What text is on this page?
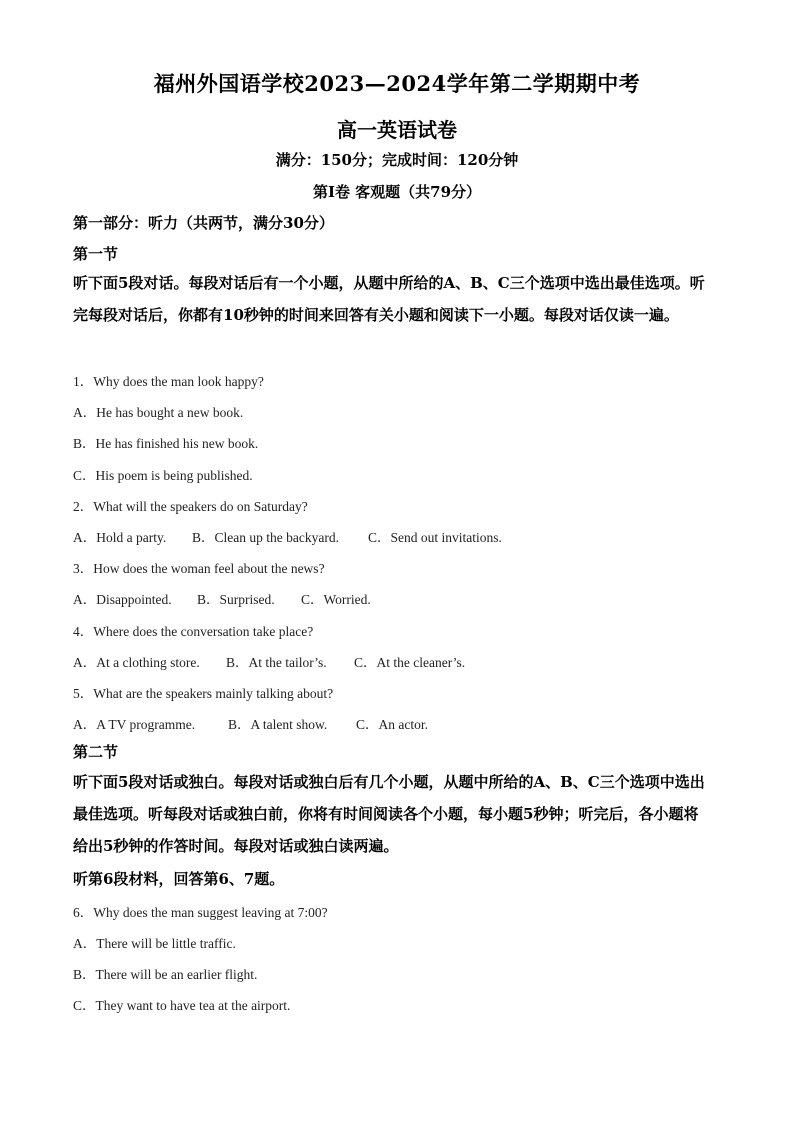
福州外国语学校2023—2024学年第二学期期中考
高一英语试卷
满分：150分；完成时间：120分钟
第Ⅰ卷 客观题（共79分）
第一部分：听力（共两节，满分30分）
第一节
听下面5段对话。每段对话后有一个小题，从题中所给的A、B、C三个选项中选出最佳选项。听完每段对话后，你都有10秒钟的时间来回答有关小题和阅读下一小题。每段对话仅读一遍。
1．Why does the man look happy?
A．He has bought a new book.
B．He has finished his new book.
C．His poem is being published.
2．What will the speakers do on Saturday?
A．Hold a party. B．Clean up the backyard. C．Send out invitations.
3．How does the woman feel about the news?
A．Disappointed. B．Surprised. C．Worried.
4．Where does the conversation take place?
A．At a clothing store. B．At the tailor’s. C．At the cleaner’s.
5．What are the speakers mainly talking about?
A．A TV programme. B．A talent show. C．An actor.
第二节
听下面5段对话或独白。每段对话或独白后有几个小题，从题中所给的A、B、C三个选项中选出最佳选项。听每段对话或独白前，你将有时间阅读各个小题，每小题5秒钟；听完后，各小题将给出5秒钟的作答时间。每段对话或独白读两遍。
听第6段材料，回答第6、7题。
6．Why does the man suggest leaving at 7:00?
A．There will be little traffic.
B．There will be an earlier flight.
C．They want to have tea at the airport.
